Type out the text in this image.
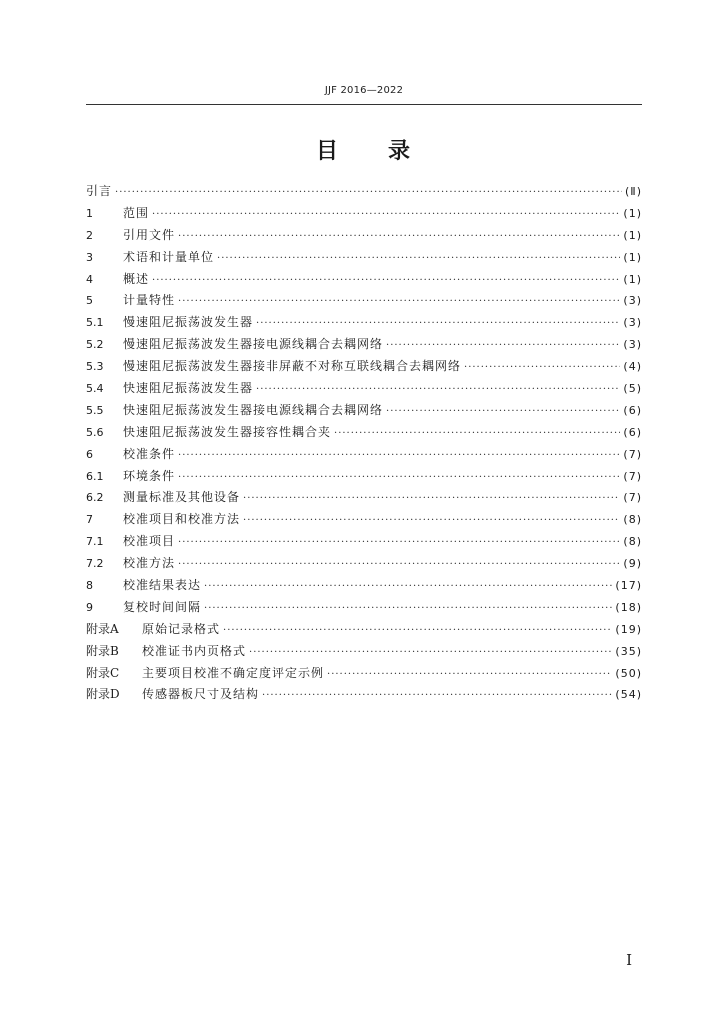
JJF 2016—2022
目 录
引言 ·····	(Ⅱ)
1	范围 ·····	(1)
2	引用文件 ·····	(1)
3	术语和计量单位 ·····	(1)
4	概述 ·····	(1)
5	计量特性 ·····	(3)
5.1	慢速阻尼振荡波发生器 ·····	(3)
5.2	慢速阻尼振荡波发生器接电源线耦合去耦网络 ·····	(3)
5.3	慢速阻尼振荡波发生器接非屏蔽不对称互联线耦合去耦网络 ·····	(4)
5.4	快速阻尼振荡波发生器 ·····	(5)
5.5	快速阻尼振荡波发生器接电源线耦合去耦网络 ·····	(6)
5.6	快速阻尼振荡波发生器接容性耦合夹 ·····	(6)
6	校准条件 ·····	(7)
6.1	环境条件 ·····	(7)
6.2	测量标准及其他设备 ·····	(7)
7	校准项目和校准方法 ·····	(8)
7.1	校准项目 ·····	(8)
7.2	校准方法 ·····	(9)
8	校准结果表达 ·····	(17)
9	复校时间间隔 ·····	(18)
附录A	原始记录格式 ·····	(19)
附录B	校准证书内页格式 ·····	(35)
附录C	主要项目校准不确定度评定示例 ·····	(50)
附录D	传感器板尺寸及结构 ·····	(54)
I
